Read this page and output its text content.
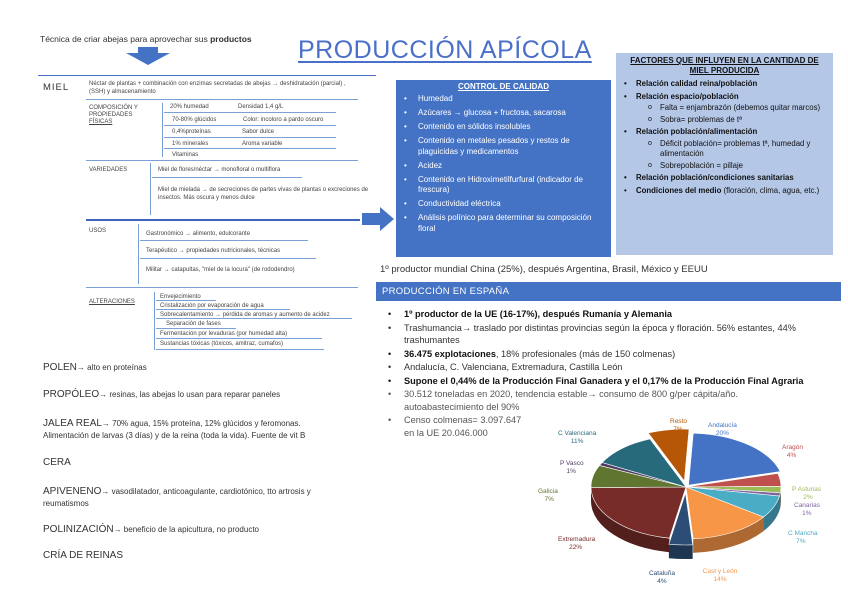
Técnica de criar abejas para aprovechar sus productos PRODUCCIÓN APÍCOLA
MIEL	Néctar de plantas + combinación con enzimas secretadas de abejas → deshidratación (parcial) , (SSH) y almacenamiento
COMPOSICIÓN Y
PROPIEDADES
FÍSICAS
20% humedad	Densidad 1,4 g/L
70-80% glúcidos	Color: incoloro a pardo oscuro
0,4%proteínas	Sabor dulce
1% minerales	Aroma variable
Vitaminas
VARIEDADES	Miel de flores/néctar → monofloral o multiflora
Miel de mielada → de secreciones de partes vivas de plantas o excreciones de insectos. Más oscura y menos dulce
USOS	Gastronómico → alimento, edulcorante
Terapéutico → propiedades nutricionales, técnicas
Militar → catapultas, "miel de la locura" (de rododendro)
ALTERACIONES
Envejecimiento
Cristalización por evaporación de agua
Sobrecalentamiento → pérdida de aromas y aumento de acidez
Separación de fases
Fermentación por levaduras (por humedad alta)
Sustancias tóxicas (tóxicos, amitraz, cumafos)
POLEN→ alto en proteínas
PROPÓLEO→ resinas, las abejas lo usan para reparar paneles
JALEA REAL→ 70% agua, 15% proteína, 12% glúcidos y feromonas.
Alimentación de larvas (3 días) y de la reina (toda la vida). Fuente de vit B
CERA
APIVENENO→ vasodilatador, anticoagulante, cardiotónico, tto artrosis y
reumatismos
POLINIZACIÓN→ beneficio de la apicultura, no producto
CRÍA DE REINAS
CONTROL DE CALIDAD
• Humedad
• Azúcares → glucosa + fructosa, sacarosa
• Contenido en sólidos insolubles
• Contenido en metales pesados y restos de plaguicidas y medicamentos
• Acidez
• Contenido en Hidroximetilfurfural (indicador de frescura)
• Conductividad eléctrica
• Análisis polínico para determinar su composición floral
FACTORES QUE INFLUYEN EN LA CANTIDAD DE MIEL PRODUCIDA
• Relación calidad reina/población
• Relación espacio/población
o Falta = enjambrazón (debemos quitar marcos)
o Sobra= problemas de tª
• Relación población/alimentación
o Déficit población= problemas tª, humedad y alimentación
o Sobrepoblación = pillaje
• Relación población/condiciones sanitarias
• Condiciones del medio (floración, clima, agua, etc.)
1º productor mundial China (25%), después Argentina, Brasil, México y EEUU
PRODUCCIÓN EN ESPAÑA
• 1º productor de la UE (16-17%), después Rumanía y Alemania
• Trashumancia→ traslado por distintas provincias según la época y floración. 56% estantes, 44% trashumantes
• 36.475 explotaciones, 18% profesionales (más de 150 colmenas)
• Andalucía, C. Valenciana, Extremadura, Castilla León
• Supone el 0,44% de la Producción Final Ganadera y el 0,17% de la Producción Final Agraria
• 30.512 toneladas en 2020, tendencia estable→ consumo de 800 g/per cápita/año.
autoabastecimiento del 90%
• Censo colmenas= 3.097.647
en la UE 20.046.000
Andalucía
20%
Aragón
4%
P Asturias
2%
Canarias
1%
C Mancha
7%
Cast y León
14%
Cataluña
4%
Extremadura
22%
Galicia
7%
P Vasco
1%
C Valenciana
11%
Resto
7%
